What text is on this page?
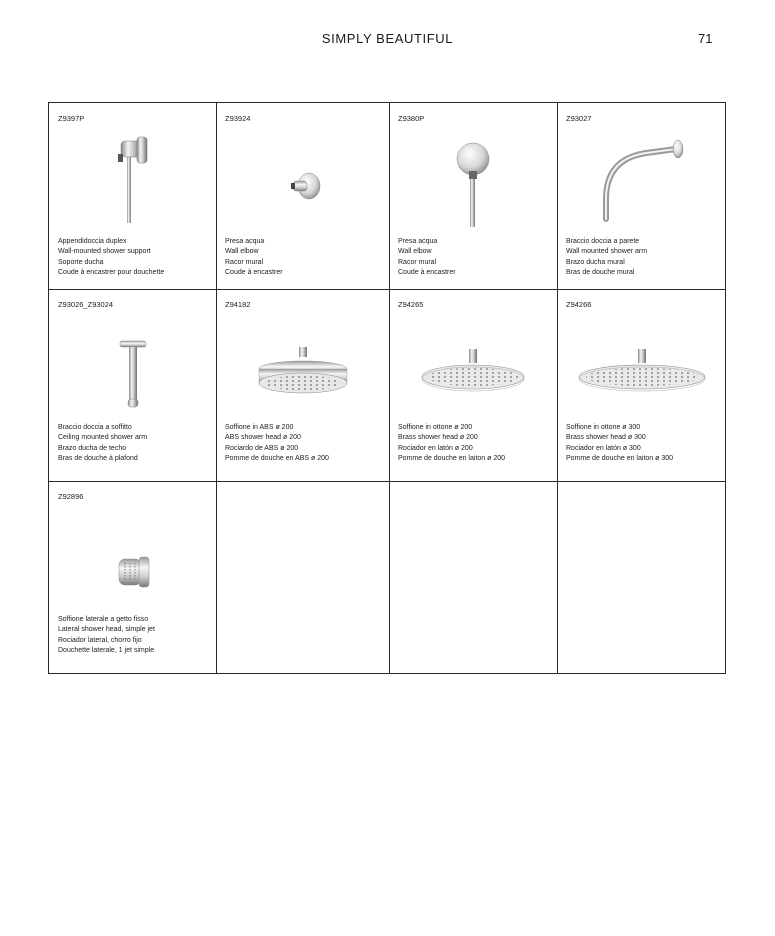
SIMPLY BEAUTIFUL	71
Z9397P
Appendidoccia duplex
Wall-mounted shower support
Soporte ducha
Coude à encastrer pour douchette
Z93924
Presa acqua
Wall elbow
Racor mural
Coude à encastrer
Z9380P
Presa acqua
Wall elbow
Racor mural
Coude à encastrer
Z93027
Braccio doccia a parete
Wall mounted shower arm
Brazo ducha mural
Bras de douche mural
Z93026_Z93024
Braccio doccia a soffitto
Ceiling mounted shower arm
Brazo ducha de techo
Bras de douche à plafond
Z94182
Soffione in ABS ø 200
ABS shower head ø 200
Rociardo de ABS ø 200
Pomme de douche en ABS ø 200
Z94265
Soffione in ottone ø 200
Brass shower head ø 200
Rociador en latón ø 200
Pomme de douche en laiton ø 200
Z94266
Soffione in ottone ø 300
Brass shower head ø 300
Rociador en latón ø 300
Pomme de douche en laiton ø 300
Z92896
Soffione laterale a getto fisso
Lateral shower head, simple jet
Rociador lateral, chorro fijo
Douchette laterale, 1 jet simple
